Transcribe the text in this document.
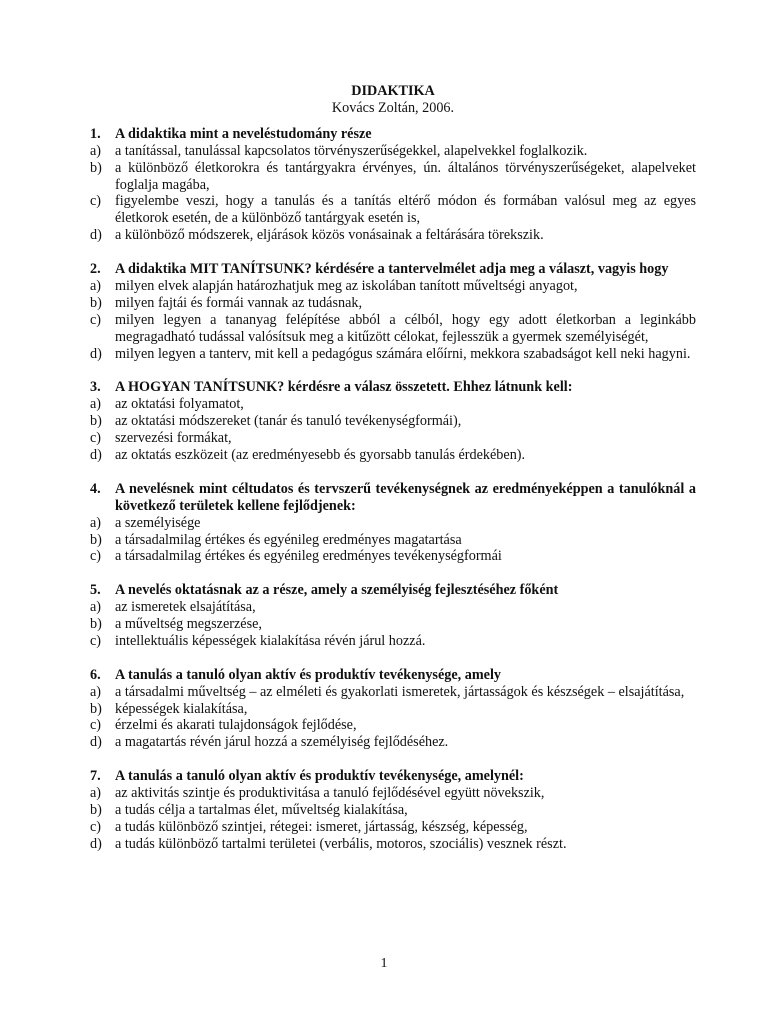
DIDAKTIKA

Kovács Zoltán, 2006.

1.	A didaktika mint a neveléstudomány része
a) a tanítással, tanulással kapcsolatos törvényszerűségekkel, alapelvekkel foglalkozik.
b) a különböző életkorokra és tantárgyakra érvényes, ún. általános törvényszerűségeket, alapelveket foglalja magába,
c) figyelembe veszi, hogy a tanulás és a tanítás eltérő módon és formában valósul meg az egyes életkorok esetén, de a különböző tantárgyak esetén is,
d) a különböző módszerek, eljárások közös vonásainak a feltárására törekszik.
2.	A didaktika MIT TANÍTSUNK? kérdésére a tantervelmélet adja meg a választ, vagyis hogy
a) milyen elvek alapján határozhatjuk meg az iskolában tanított műveltségi anyagot,
b) milyen fajtái és formái vannak az tudásnak,
c) milyen legyen a tananyag felépítése abból a célból, hogy egy adott életkorban a leginkább megragadható tudással valósítsuk meg a kitűzött célokat, fejlesszük a gyermek személyiségét,
d) milyen legyen a tanterv, mit kell a pedagógus számára előírni, mekkora szabadságot kell neki hagyni.
3.	A HOGYAN TANÍTSUNK? kérdésre a válasz összetett. Ehhez látnunk kell:
a) az oktatási folyamatot,
b) az oktatási módszereket (tanár és tanuló tevékenységformái),
c) szervezési formákat,
d) az oktatás eszközeit (az eredményesebb és gyorsabb tanulás érdekében).
4.	A nevelésnek mint céltudatos és tervszerű tevékenységnek az eredményeképpen a tanulóknál a következő területek kellene fejlődjenek:
a) a személyisége
b) a társadalmilag értékes és egyénileg eredményes magatartása
c) a társadalmilag értékes és egyénileg eredményes tevékenységformái
5.	A nevelés oktatásnak az a része, amely a személyiség fejlesztéséhez főként
a) az ismeretek elsajátítása,
b) a műveltség megszerzése,
c) intellektuális képességek kialakítása révén járul hozzá.
6.	A tanulás a tanuló olyan aktív és produktív tevékenysége, amely
a) a társadalmi műveltség – az elméleti és gyakorlati ismeretek, jártasságok és készségek – elsajátítása,
b) képességek kialakítása,
c) érzelmi és akarati tulajdonságok fejlődése,
d) a magatartás révén járul hozzá a személyiség fejlődéséhez.
7.	A tanulás a tanuló olyan aktív és produktív tevékenysége, amelynél:
a) az aktivitás szintje és produktivitása a tanuló fejlődésével együtt növekszik,
b) a tudás célja a tartalmas élet, műveltség kialakítása,
c) a tudás különböző szintjei, rétegei: ismeret, jártasság, készség, képesség,
d) a tudás különböző tartalmi területei (verbális, motoros, szociális) vesznek részt.
1
